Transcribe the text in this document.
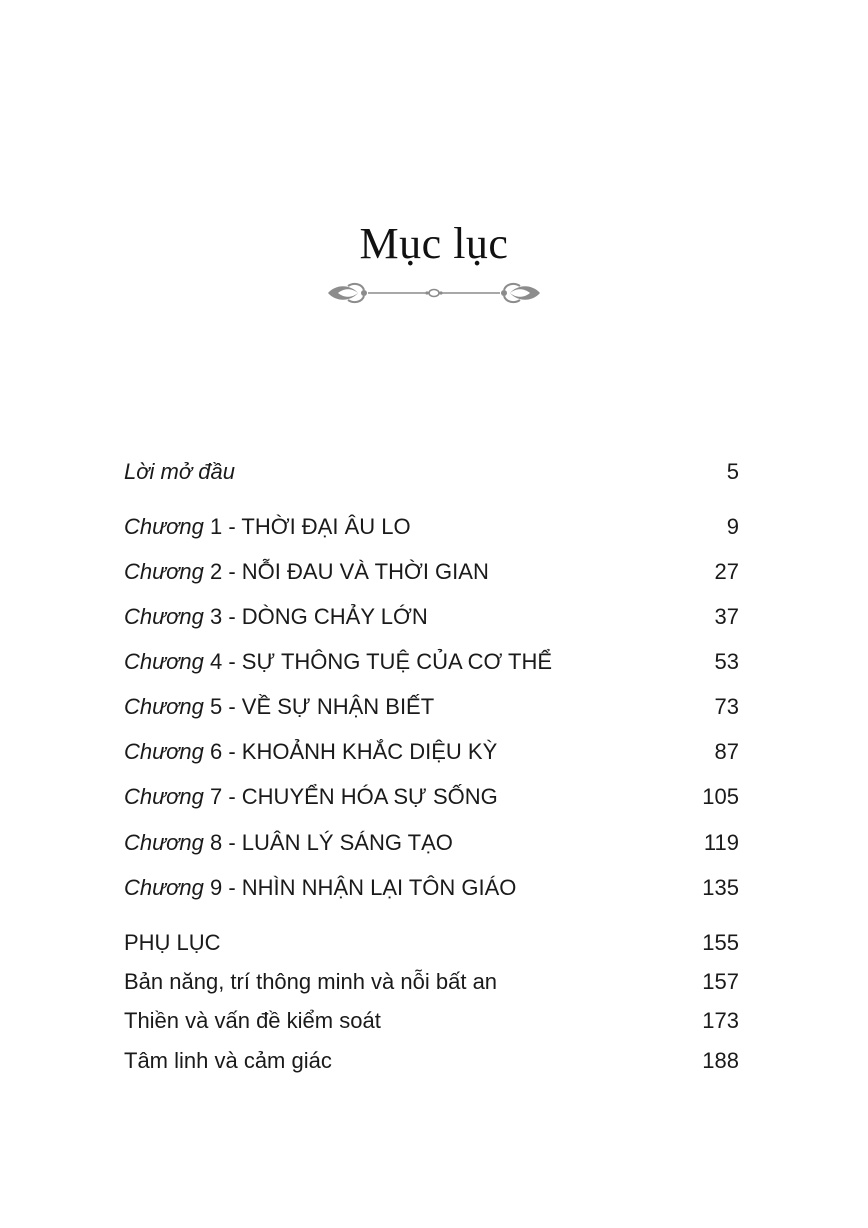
Mục lục
Lời mở đầu	5
Chương 1 - THỜI ĐẠI ÂU LO	9
Chương 2 - NỖI ĐAU VÀ THỜI GIAN	27
Chương 3 - DÒNG CHẢY LỚN	37
Chương 4 - SỰ THÔNG TUỆ CỦA CƠ THỂ	53
Chương 5 - VỀ SỰ NHẬN BIẾT	73
Chương 6 - KHOẢNH KHẮC DIỆU KỲ	87
Chương 7 - CHUYỂN HÓA SỰ SỐNG	105
Chương 8 - LUÂN LÝ SÁNG TẠO	119
Chương 9 - NHÌN NHẬN LẠI TÔN GIÁO	135
PHỤ LỤC	155
Bản năng, trí thông minh và nỗi bất an	157
Thiền và vấn đề kiểm soát	173
Tâm linh và cảm giác	188
